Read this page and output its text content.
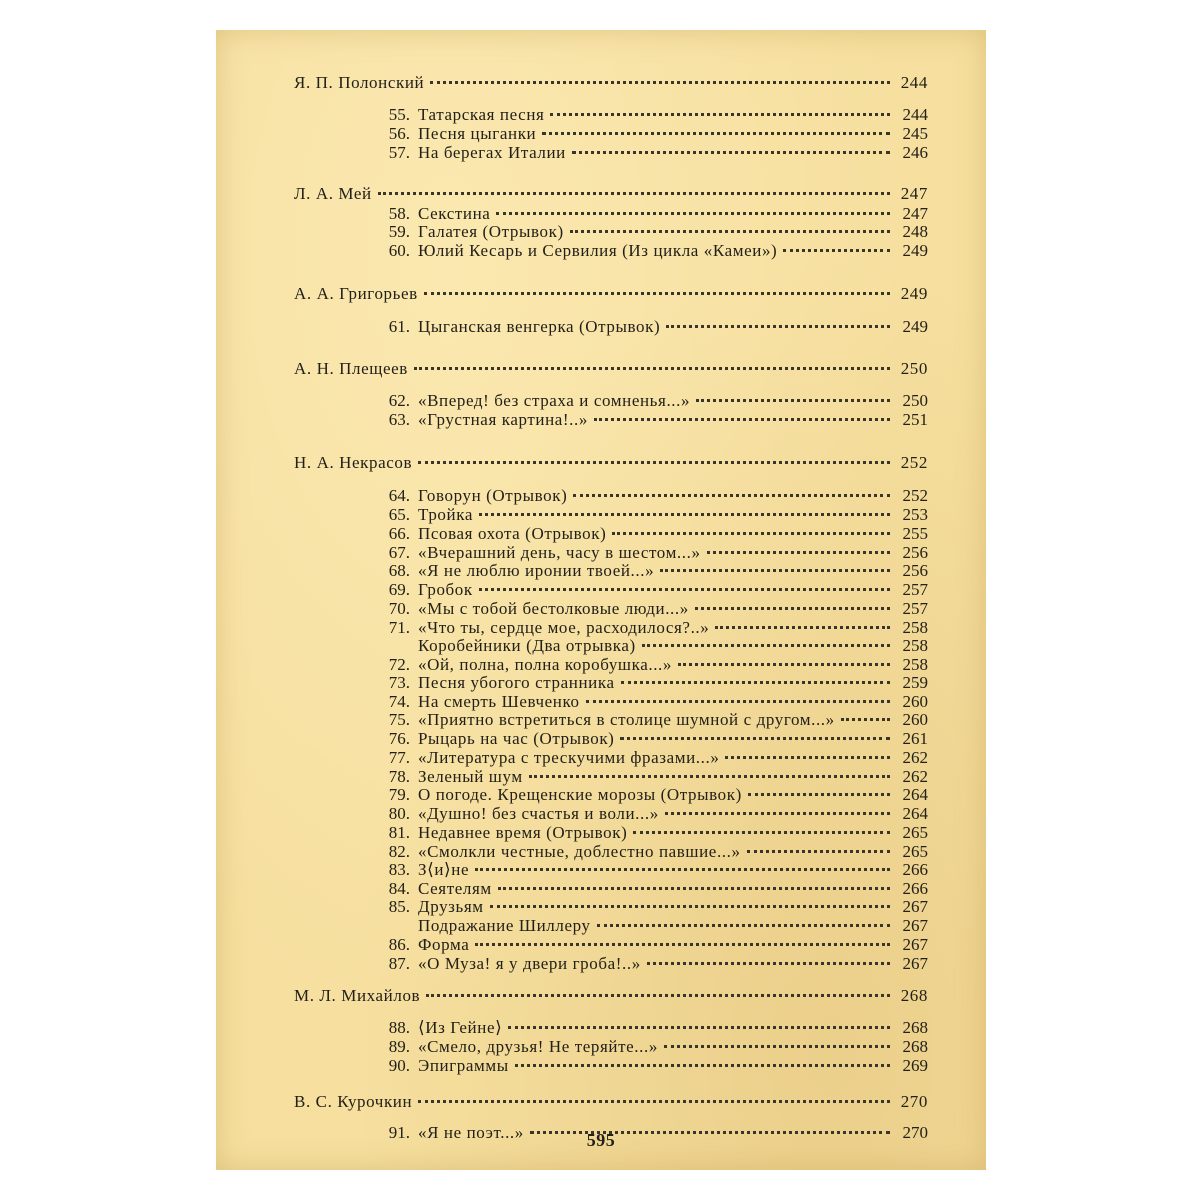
Я. П. Полонский	244
55. Татарская песня	244
56. Песня цыганки	245
57. На берегах Италии	246
Л. А. Мей	247
58. Секстина	247
59. Галатея (Отрывок)	248
60. Юлий Кесарь и Сервилия (Из цикла «Камеи»)	249
А. А. Григорьев	249
61. Цыганская венгерка (Отрывок)	249
А. Н. Плещеев	250
62. «Вперед! без страха и сомненья...»	250
63. «Грустная картина!..»	251
Н. А. Некрасов	252
64. Говорун (Отрывок)	252
65. Тройка	253
66. Псовая охота (Отрывок)	255
67. «Вчерашний день, часу в шестом...»	256
68. «Я не люблю иронии твоей...»	256
69. Гробок	257
70. «Мы с тобой бестолковые люди...»	257
71. «Что ты, сердце мое, расходилося?..»	258
Коробейники (Два отрывка)	258
72. «Ой, полна, полна коробушка...»	258
73. Песня убогого странника	259
74. На смерть Шевченко	260
75. «Приятно встретиться в столице шумной с другом...»	260
76. Рыцарь на час (Отрывок)	261
77. «Литература с трескучими фразами...»	262
78. Зеленый шум	262
79. О погоде. Крещенские морозы (Отрывок)	264
80. «Душно! без счастья и воли...»	264
81. Недавнее время (Отрывок)	265
82. «Смолкли честные, доблестно павшие...»	265
83. З⟨и⟩не	266
84. Сеятелям	266
85. Друзьям	267
Подражание Шиллеру	267
86. Форма	267
87. «О Муза! я у двери гроба!..»	267
М. Л. Михайлов	268
88. ⟨Из Гейне⟩	268
89. «Смело, друзья! Не теряйте...»	268
90. Эпиграммы	269
В. С. Курочкин	270
91. «Я не поэт...»	270
595
